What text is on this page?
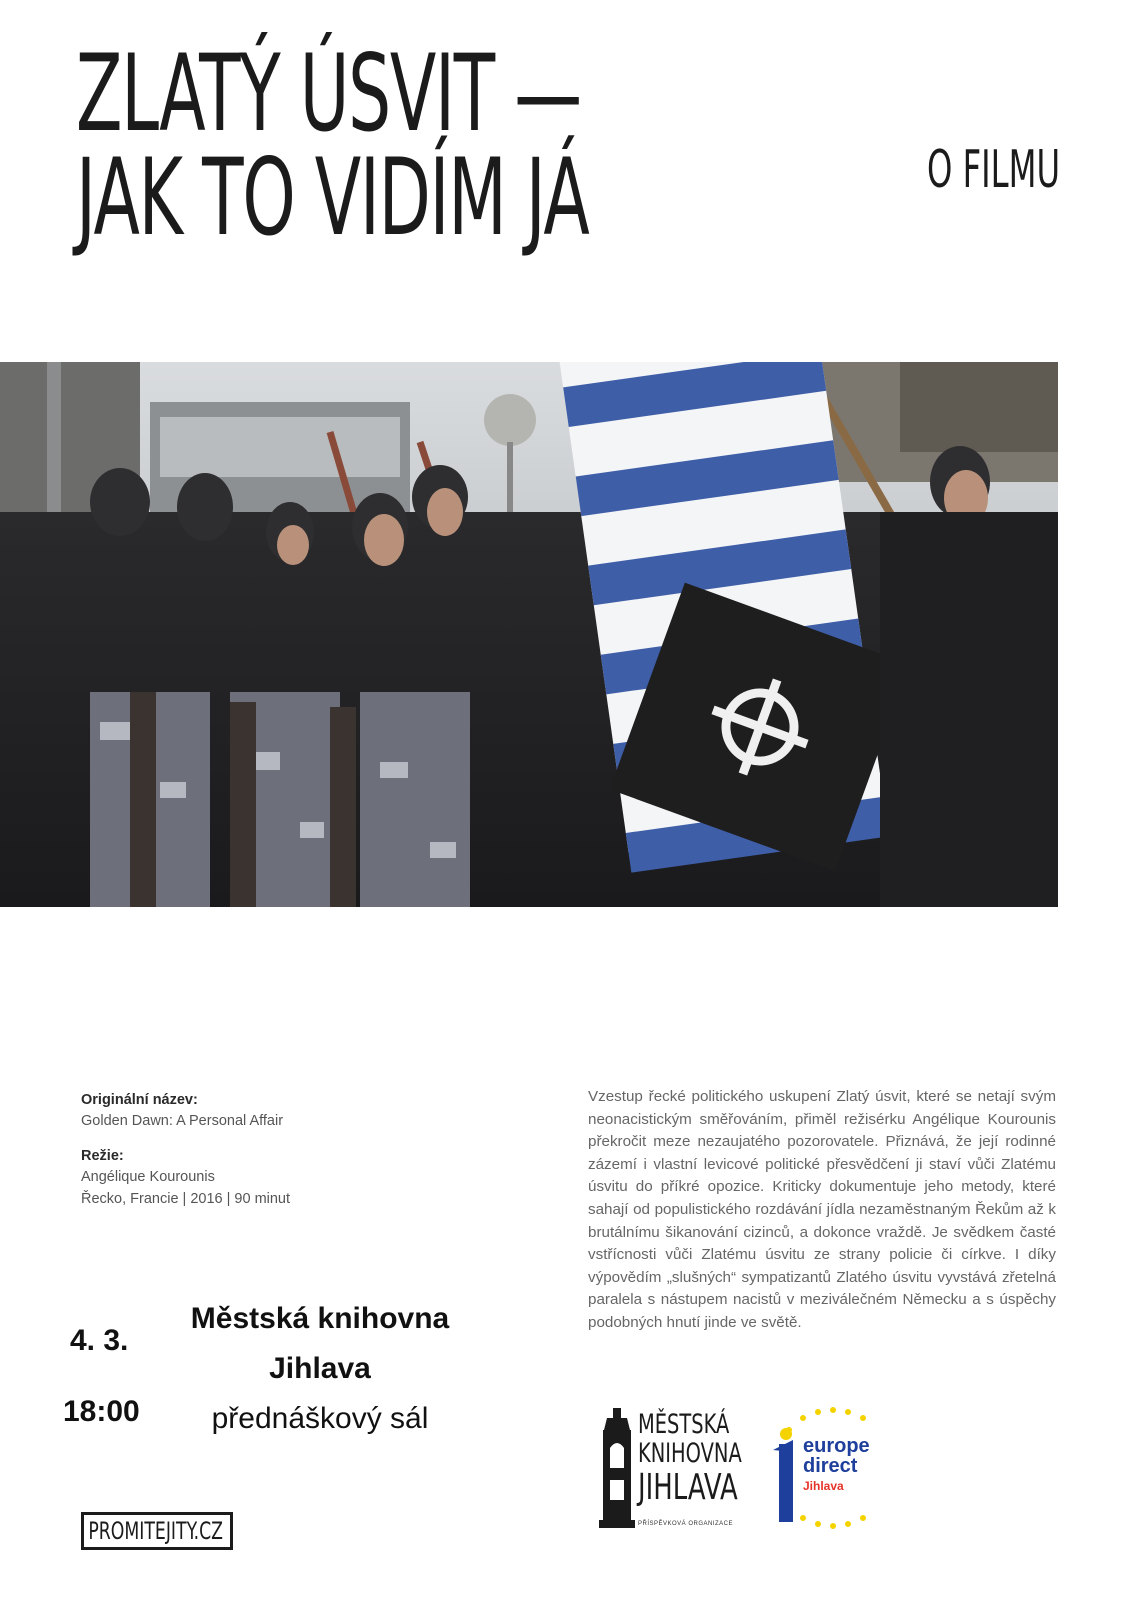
ZLATÝ ÚSVIT —
JAK TO VIDÍM JÁ	O FILMU
Originální název:
Golden Dawn: A Personal Affair
Režie:
Angélique Kourounis
Řecko, Francie | 2016 | 90 minut

Vzestup řecké politického uskupení Zlatý úsvit, které se netají svým neonacistickým směřováním, přiměl režisérku Angélique Kourounis překročit meze nezaujatého pozorovatele. Přiznává, že její rodinné zázemí i vlastní levicové politické přesvědčení ji staví vůči Zlatému úsvitu do příkré opozice. Kriticky dokumentuje jeho metody, které sahají od populistického rozdávání jídla nezaměstnaným Řekům až k brutálnímu šikanování cizinců, a dokonce vraždě. Je svědkem časté vstřícnosti vůči Zlatému úsvitu ze strany policie či církve. I díky výpovědím „slušných“ sympatizantů Zlatého úsvitu vyvstává zřetelná paralela s nástupem nacistů v meziválečném Německu a s úspěchy podobných hnutí jinde ve světě.

4. 3.
18:00
Městská knihovna
Jihlava
přednáškový sál
PROMITEJITY.CZ
MĚSTSKÁ
KNIHOVNA
JIHLAVA
PŘÍSPĚVKOVÁ ORGANIZACE
europe
direct
Jihlava
